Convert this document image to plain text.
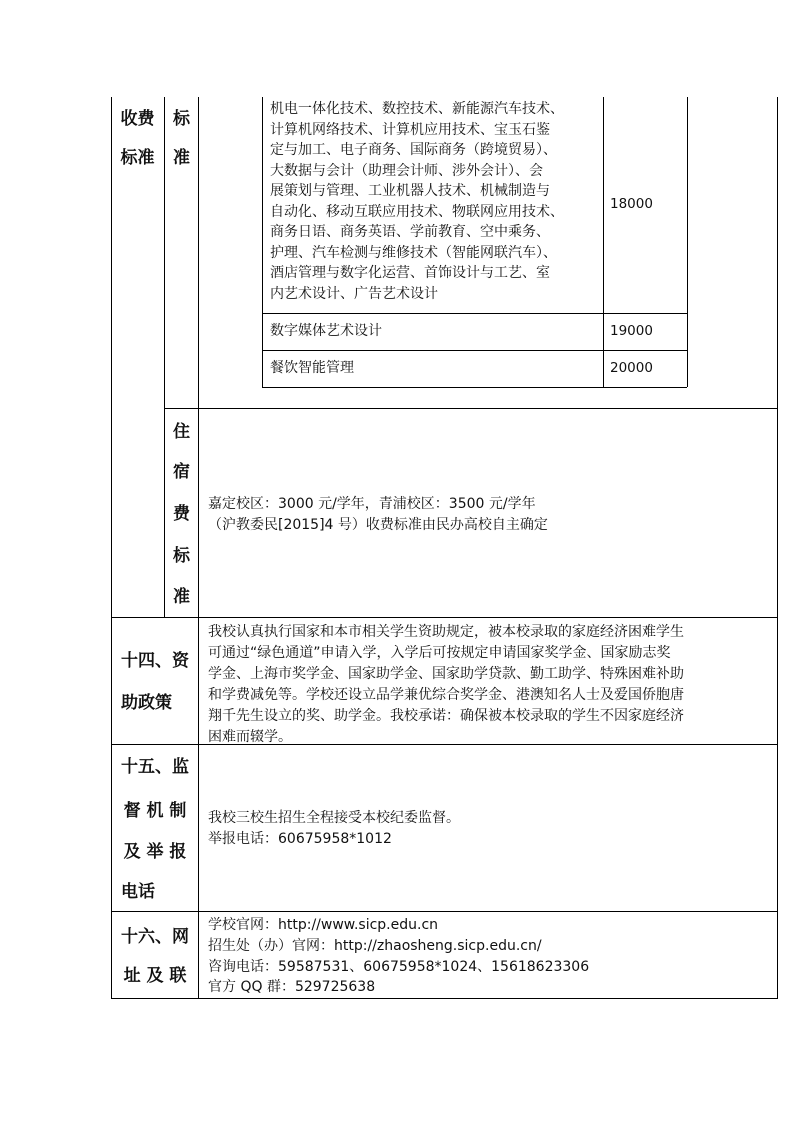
机电一体化技术、数控技术、新能源汽车技术、
计算机网络技术、计算机应用技术、宝玉石鉴
定与加工、电子商务、国际商务（跨境贸易）、
大数据与会计（助理会计师、涉外会计）、会
展策划与管理、工业机器人技术、机械制造与
自动化、移动互联应用技术、物联网应用技术、
商务日语、商务英语、学前教育、空中乘务、
护理、汽车检测与维修技术（智能网联汽车）、
酒店管理与数字化运营、首饰设计与工艺、室
内艺术设计、广告艺术设计
18000
数字媒体艺术设计	19000
餐饮智能管理	20000
收费
标准
标
准
住
宿
费
标
准
嘉定校区：3000 元/学年，青浦校区：3500 元/学年
（沪教委民[2015]4 号）收费标准由民办高校自主确定
十四、资
助政策
我校认真执行国家和本市相关学生资助规定，被本校录取的家庭经济困难学生
可通过“绿色通道”申请入学，入学后可按规定申请国家奖学金、国家励志奖
学金、上海市奖学金、国家助学金、国家助学贷款、勤工助学、特殊困难补助
和学费减免等。学校还设立品学兼优综合奖学金、港澳知名人士及爱国侨胞唐
翔千先生设立的奖、助学金。我校承诺：确保被本校录取的学生不因家庭经济
困难而辍学。
十五、监
督 机 制
及 举 报
电话
我校三校生招生全程接受本校纪委监督。
举报电话：60675958*1012
十六、网
址 及 联
学校官网：http://www.sicp.edu.cn
招生处（办）官网：http://zhaosheng.sicp.edu.cn/
咨询电话：59587531、60675958*1024、15618623306
官方 QQ 群：529725638
